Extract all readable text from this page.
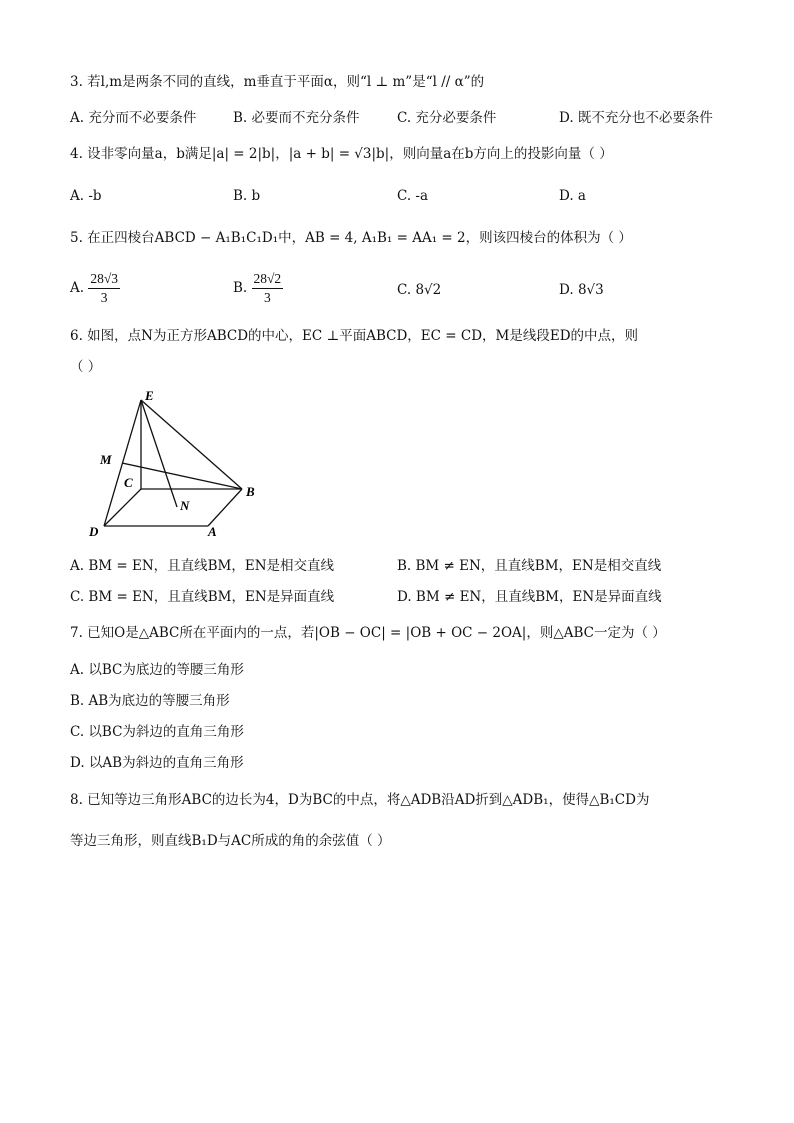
3. 若l,m是两条不同的直线，m垂直于平面α，则“l ⊥ m”是“l // α”的
A. 充分而不必要条件	B. 必要而不充分条件	C. 充分必要条件	D. 既不充分也不必要条件
4. 设非零向量a，b满足|a| = 2|b|，|a + b| = √3|b|，则向量a在b方向上的投影向量（ ）
A. -b	B. b	C. -a	D. a
5. 在正四棱台ABCD − A₁B₁C₁D₁中，AB = 4, A₁B₁ = AA₁ = 2，则该四棱台的体积为（ ）
A. $\frac{28√3}{3}$	B. $\frac{28√2}{3}$	C. 8√2	D. 8√3
6. 如图，点N为正方形ABCD的中心，EC ⊥平面ABCD，EC = CD，M是线段ED的中点，则
（ ）
E
M
C
N
B
D	A
A. BM = EN，且直线BM，EN是相交直线	B. BM ≠ EN，且直线BM，EN是相交直线
C. BM = EN，且直线BM，EN是异面直线	D. BM ≠ EN，且直线BM，EN是异面直线
7. 已知O是△ABC所在平面内的一点，若|OB − OC| = |OB + OC − 2OA|，则△ABC一定为（ ）
A. 以BC为底边的等腰三角形
B. AB为底边的等腰三角形
C. 以BC为斜边的直角三角形
D. 以AB为斜边的直角三角形
8. 已知等边三角形ABC的边长为4，D为BC的中点，将△ADB沿AD折到△ADB₁，使得△B₁CD为
等边三角形，则直线B₁D与AC所成的角的余弦值（ ）
